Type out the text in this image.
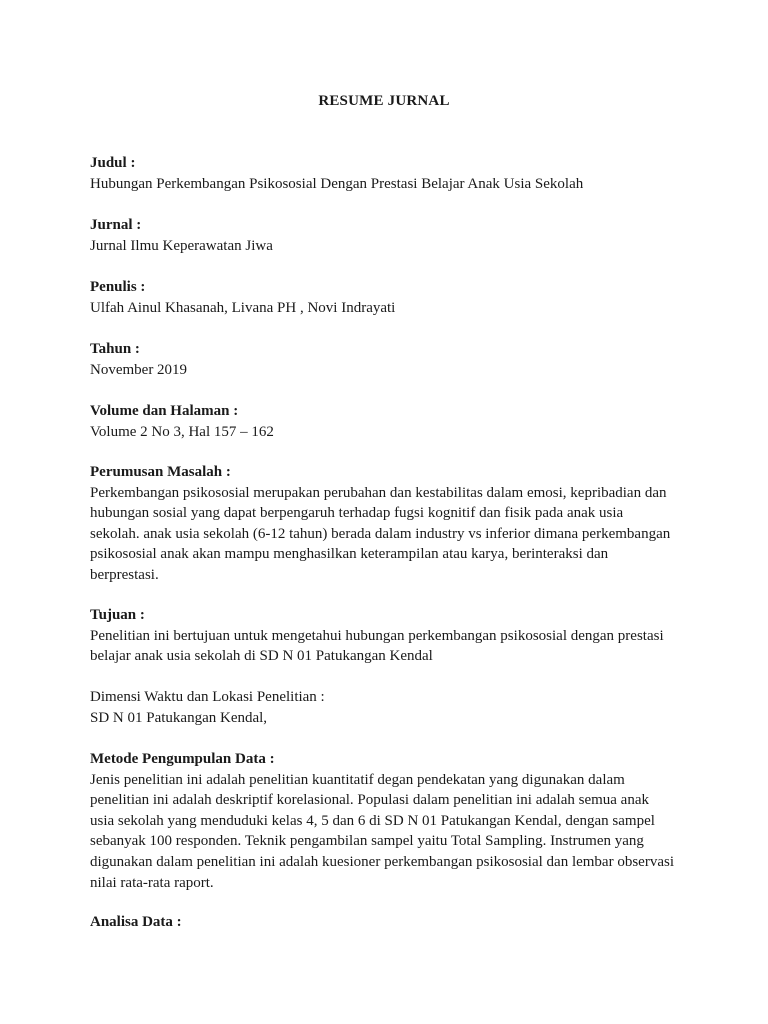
RESUME JURNAL
Judul :
Hubungan Perkembangan Psikososial Dengan Prestasi Belajar Anak Usia Sekolah
Jurnal :
Jurnal Ilmu Keperawatan Jiwa
Penulis :
Ulfah Ainul Khasanah, Livana PH , Novi Indrayati
Tahun :
November 2019
Volume dan Halaman :
Volume 2 No 3, Hal 157 – 162
Perumusan Masalah :
Perkembangan psikososial merupakan perubahan dan kestabilitas dalam emosi, kepribadian dan
hubungan sosial yang dapat berpengaruh terhadap fugsi kognitif dan fisik pada anak usia
sekolah. anak usia sekolah (6-12 tahun) berada dalam industry vs inferior dimana perkembangan
psikososial anak akan mampu menghasilkan keterampilan atau karya, berinteraksi dan
berprestasi.
Tujuan :
Penelitian ini bertujuan untuk mengetahui hubungan perkembangan psikososial dengan prestasi
belajar anak usia sekolah di SD N 01 Patukangan Kendal
Dimensi Waktu dan Lokasi Penelitian :
SD N 01 Patukangan Kendal,
Metode Pengumpulan Data :
Jenis penelitian ini adalah penelitian kuantitatif degan pendekatan yang digunakan dalam
penelitian ini adalah deskriptif korelasional. Populasi dalam penelitian ini adalah semua anak
usia sekolah yang menduduki kelas 4, 5 dan 6 di SD N 01 Patukangan Kendal, dengan sampel
sebanyak 100 responden. Teknik pengambilan sampel yaitu Total Sampling. Instrumen yang
digunakan dalam penelitian ini adalah kuesioner perkembangan psikososial dan lembar observasi
nilai rata-rata raport.
Analisa Data :
